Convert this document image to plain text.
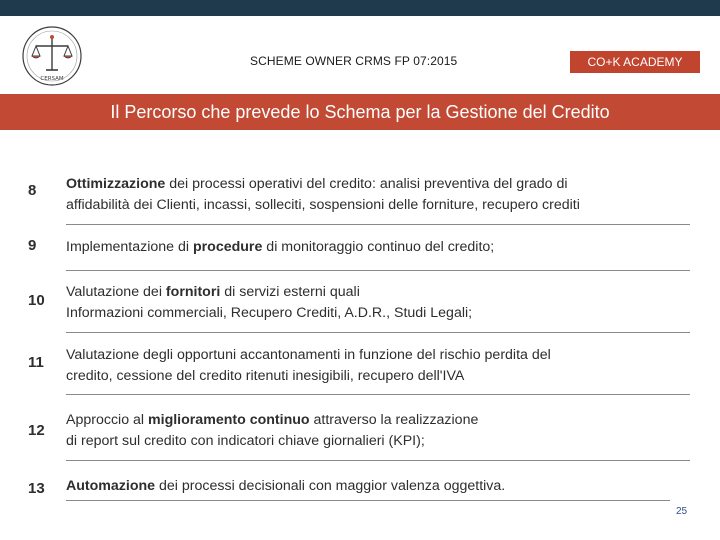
CERSAM
SCHEME OWNER CRMS FP 07:2015	CO+K ACADEMY
Il Percorso che prevede lo Schema per la Gestione del Credito
8	Ottimizzazione dei processi operativi del credito: analisi preventiva del grado di
affidabilità dei Clienti, incassi, solleciti, sospensioni delle forniture, recupero crediti
9	Implementazione di procedure di monitoraggio continuo del credito;
10	Valutazione dei fornitori di servizi esterni quali
Informazioni commerciali, Recupero Crediti, A.D.R., Studi Legali;
11	Valutazione degli opportuni accantonamenti in funzione del rischio perdita del
credito, cessione del credito ritenuti inesigibili, recupero dell'IVA
12
Approccio al miglioramento continuo attraverso la realizzazione
di report sul credito con indicatori chiave giornalieri (KPI);
13	Automazione dei processi decisionali con maggior valenza oggettiva.
25
